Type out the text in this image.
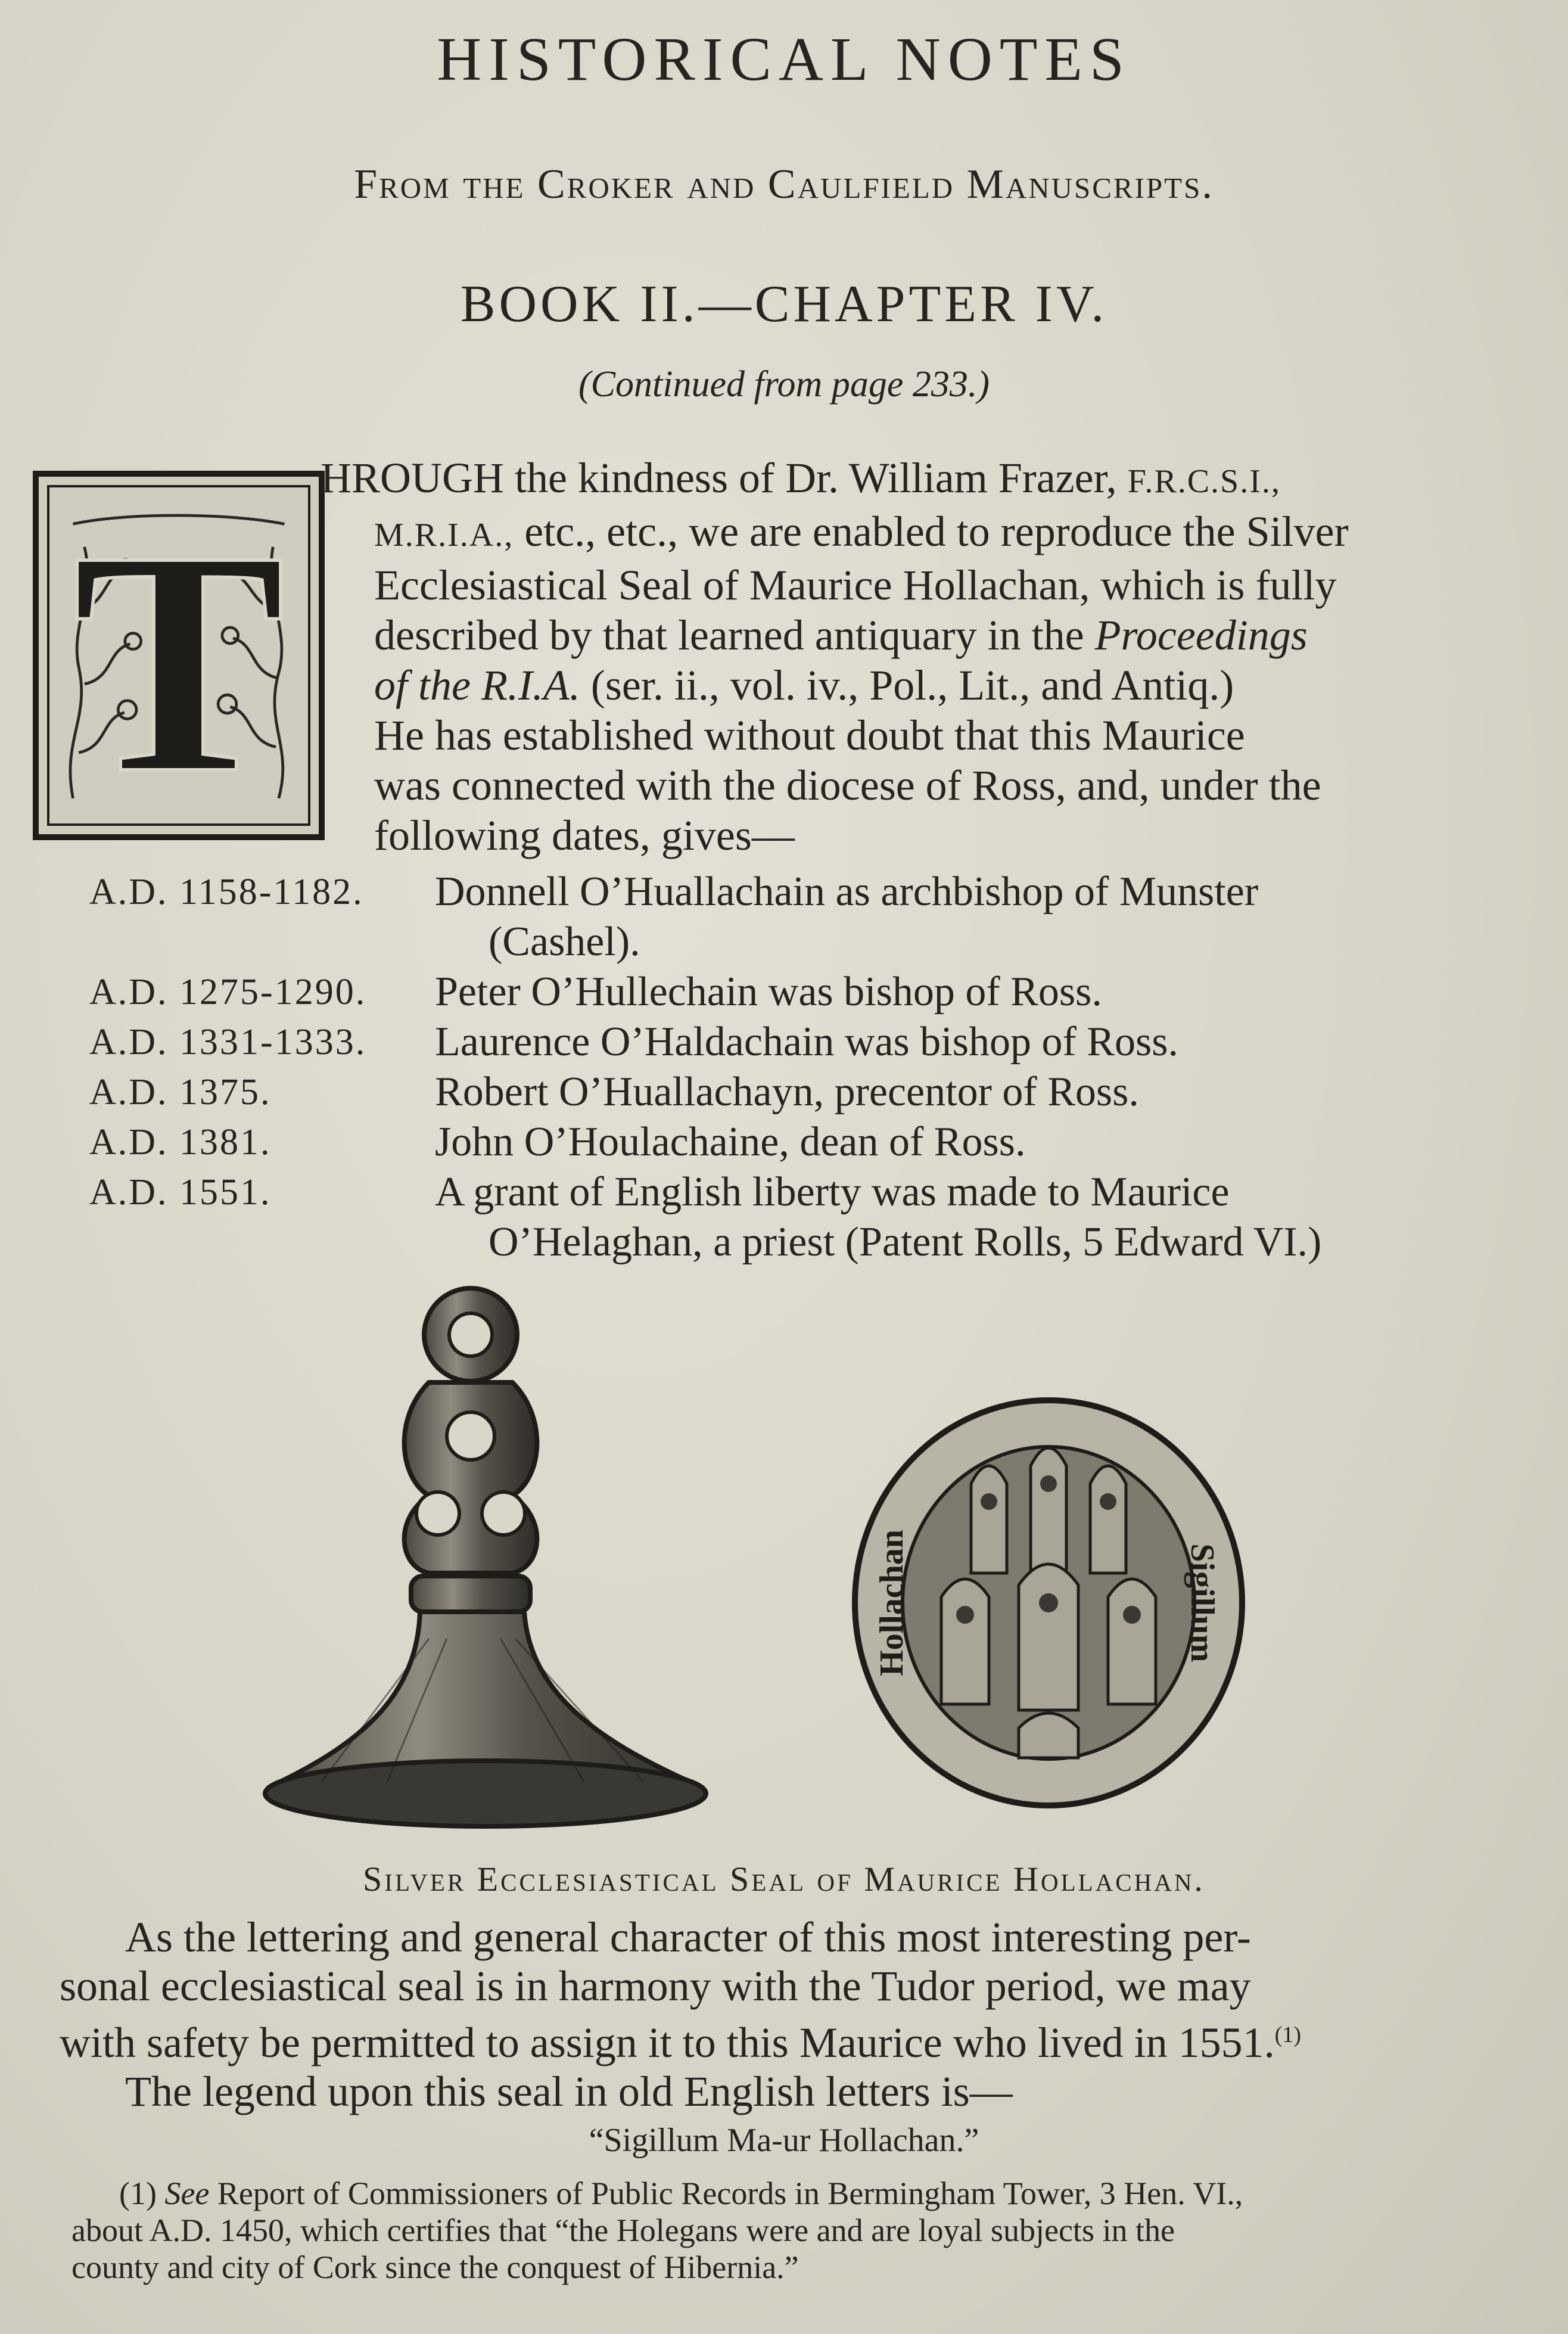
HISTORICAL NOTES
From the Croker and Caulfield Manuscripts.
BOOK II.—CHAPTER IV.
(Continued from page 233.)
T
HROUGH the kindness of Dr. William Frazer, F.R.C.S.I.,
M.R.I.A., etc., etc., we are enabled to reproduce the Silver
Ecclesiastical Seal of Maurice Hollachan, which is fully
described by that learned antiquary in the Proceedings
of the R.I.A. (ser. ii., vol. iv., Pol., Lit., and Antiq.)
He has established without doubt that this Maurice
was connected with the diocese of Ross, and, under the
following dates, gives—
A.D. 1158-1182. Donnell O’Huallachain as archbishop of Munster
(Cashel).
A.D. 1275-1290. Peter O’Hullechain was bishop of Ross.
A.D. 1331-1333. Laurence O’Haldachain was bishop of Ross.
A.D. 1375.	Robert O’Huallachayn, precentor of Ross.
A.D. 1381.	John O’Houlachaine, dean of Ross.
A.D. 1551.	A grant of English liberty was made to Maurice
O’Helaghan, a priest (Patent Rolls, 5 Edward VI.)
Hollachan	Sigillum
Silver Ecclesiastical Seal of Maurice Hollachan.
As the lettering and general character of this most interesting per-
sonal ecclesiastical seal is in harmony with the Tudor period, we may
with safety be permitted to assign it to this Maurice who lived in 1551.$^{(1)}$
The legend upon this seal in old English letters is—
“Sigillum Ma-ur Hollachan.”
(1) See Report of Commissioners of Public Records in Bermingham Tower, 3 Hen. VI.,
about A.D. 1450, which certifies that “the Holegans were and are loyal subjects in the
county and city of Cork since the conquest of Hibernia.”
